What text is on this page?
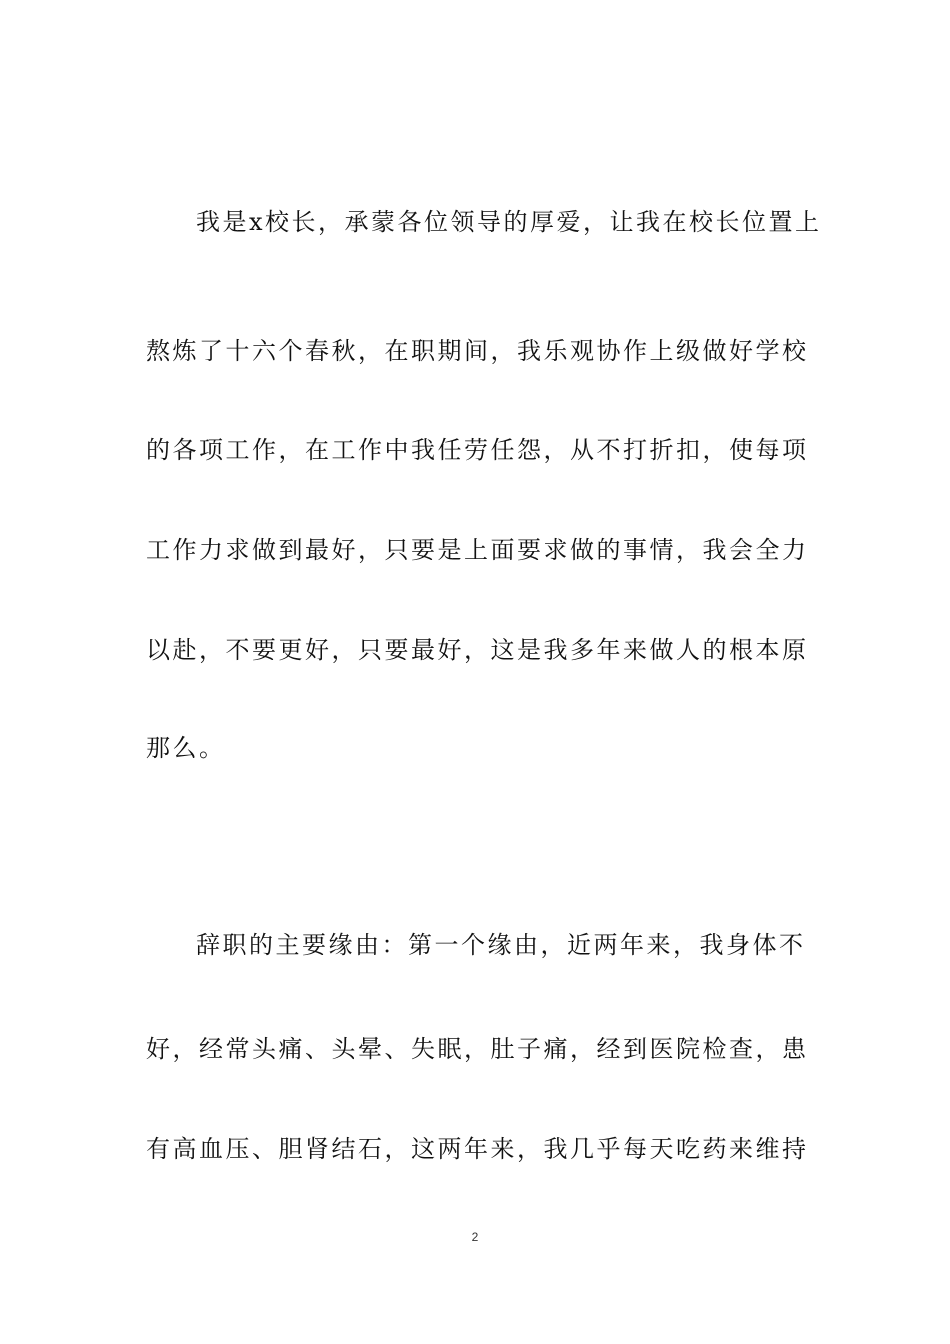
我是x校长，承蒙各位领导的厚爱，让我在校长位置上
熬炼了十六个春秋，在职期间，我乐观协作上级做好学校
的各项工作，在工作中我任劳任怨，从不打折扣，使每项
工作力求做到最好，只要是上面要求做的事情，我会全力
以赴，不要更好，只要最好，这是我多年来做人的根本原
那么。
辞职的主要缘由：第一个缘由，近两年来，我身体不
好，经常头痛、头晕、失眠，肚子痛，经到医院检查，患
有高血压、胆肾结石，这两年来，我几乎每天吃药来维持
2
